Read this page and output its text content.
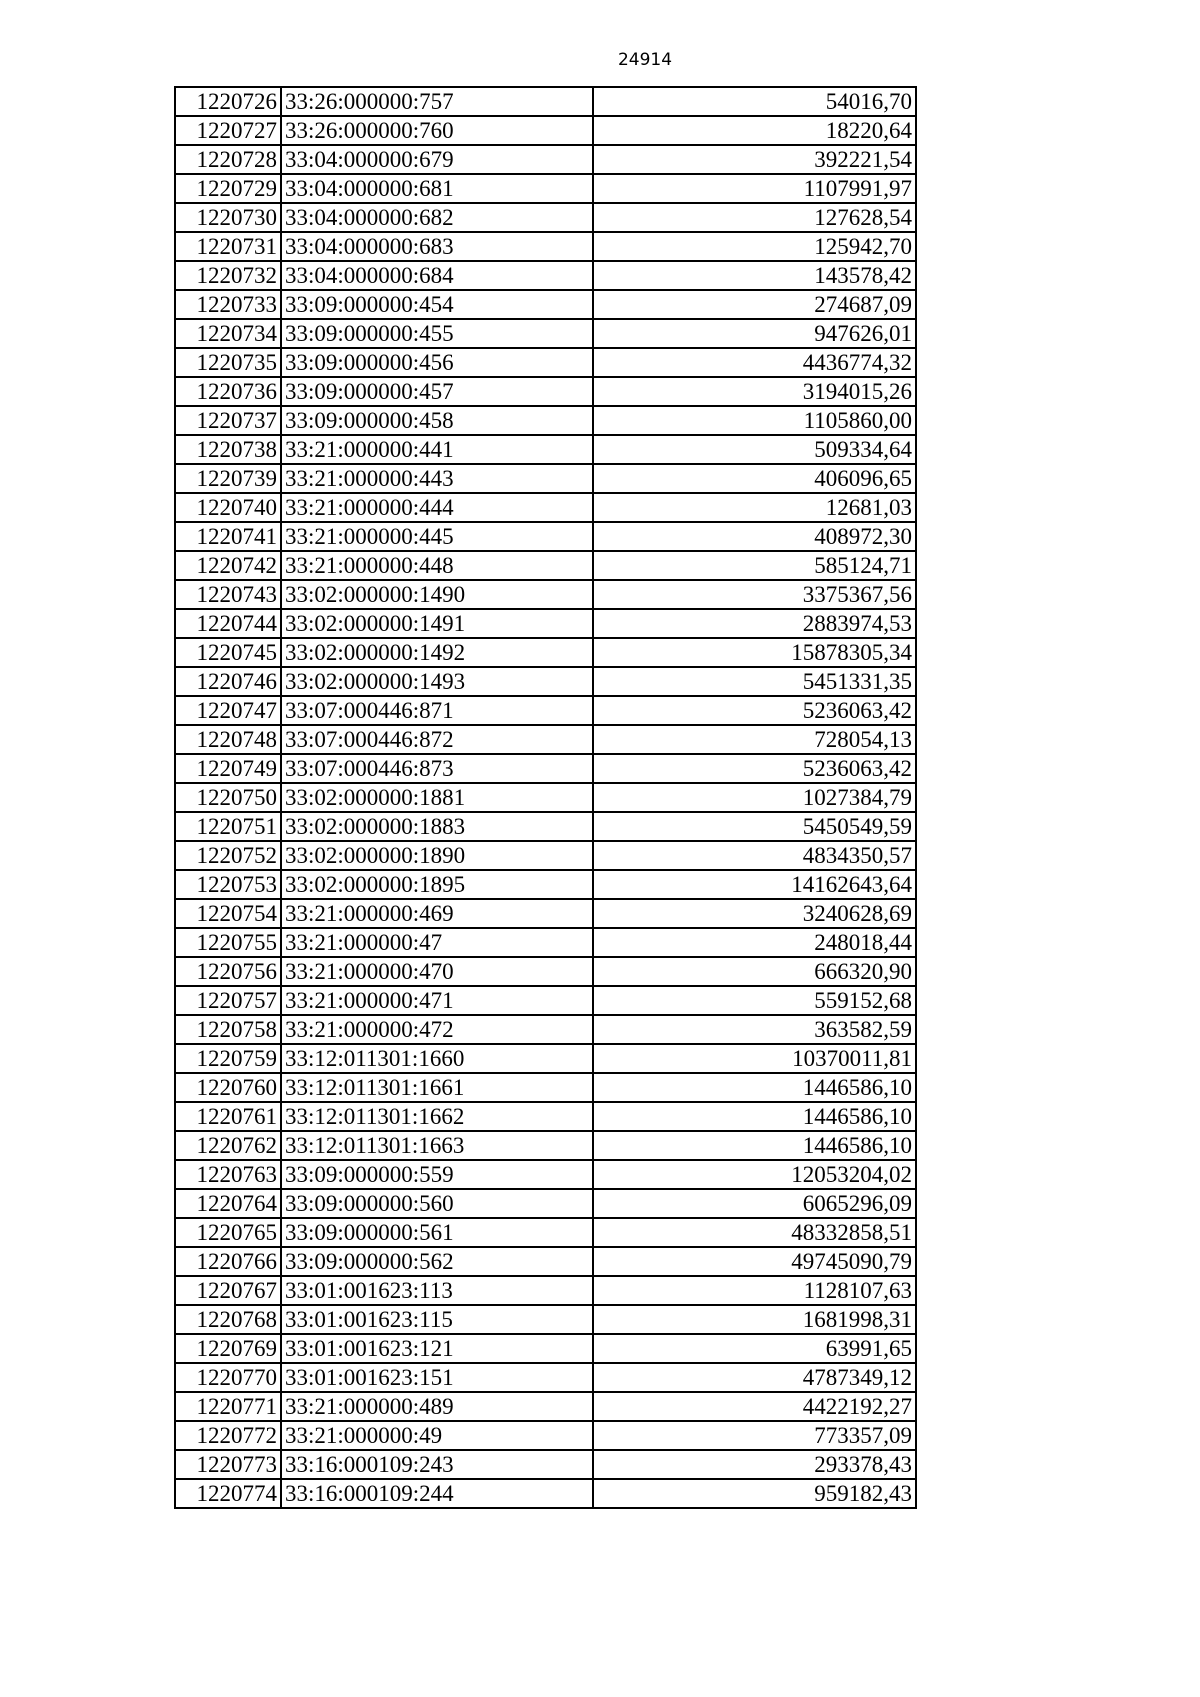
24914
1220726	33:26:000000:757	54016,70
1220727	33:26:000000:760	18220,64
1220728	33:04:000000:679	392221,54
1220729	33:04:000000:681	1107991,97
1220730	33:04:000000:682	127628,54
1220731	33:04:000000:683	125942,70
1220732	33:04:000000:684	143578,42
1220733	33:09:000000:454	274687,09
1220734	33:09:000000:455	947626,01
1220735	33:09:000000:456	4436774,32
1220736	33:09:000000:457	3194015,26
1220737	33:09:000000:458	1105860,00
1220738	33:21:000000:441	509334,64
1220739	33:21:000000:443	406096,65
1220740	33:21:000000:444	12681,03
1220741	33:21:000000:445	408972,30
1220742	33:21:000000:448	585124,71
1220743	33:02:000000:1490	3375367,56
1220744	33:02:000000:1491	2883974,53
1220745	33:02:000000:1492	15878305,34
1220746	33:02:000000:1493	5451331,35
1220747	33:07:000446:871	5236063,42
1220748	33:07:000446:872	728054,13
1220749	33:07:000446:873	5236063,42
1220750	33:02:000000:1881	1027384,79
1220751	33:02:000000:1883	5450549,59
1220752	33:02:000000:1890	4834350,57
1220753	33:02:000000:1895	14162643,64
1220754	33:21:000000:469	3240628,69
1220755	33:21:000000:47	248018,44
1220756	33:21:000000:470	666320,90
1220757	33:21:000000:471	559152,68
1220758	33:21:000000:472	363582,59
1220759	33:12:011301:1660	10370011,81
1220760	33:12:011301:1661	1446586,10
1220761	33:12:011301:1662	1446586,10
1220762	33:12:011301:1663	1446586,10
1220763	33:09:000000:559	12053204,02
1220764	33:09:000000:560	6065296,09
1220765	33:09:000000:561	48332858,51
1220766	33:09:000000:562	49745090,79
1220767	33:01:001623:113	1128107,63
1220768	33:01:001623:115	1681998,31
1220769	33:01:001623:121	63991,65
1220770	33:01:001623:151	4787349,12
1220771	33:21:000000:489	4422192,27
1220772	33:21:000000:49	773357,09
1220773	33:16:000109:243	293378,43
1220774	33:16:000109:244	959182,43
